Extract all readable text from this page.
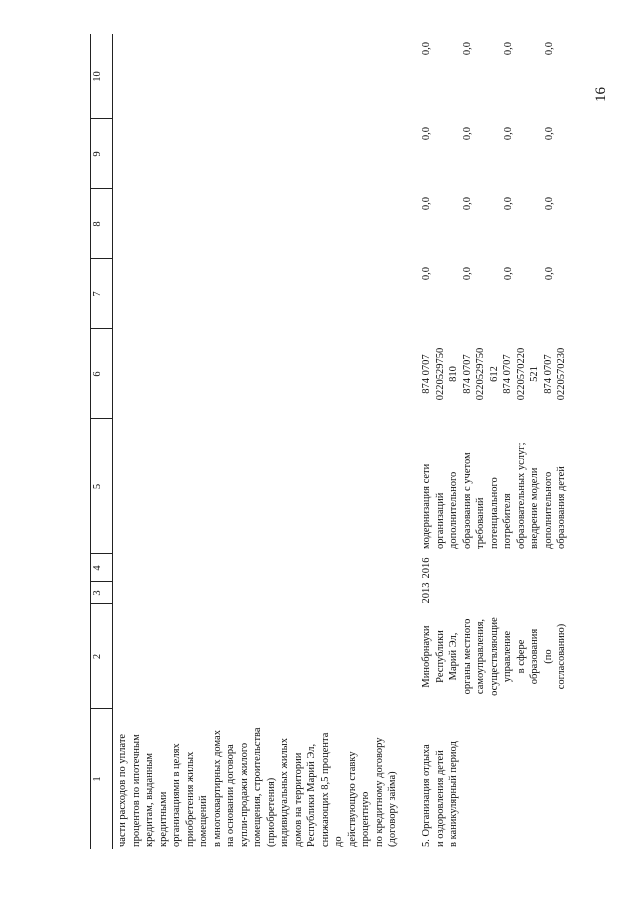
16
1
2
3
4
5
6
7
8
9
10
части расходов по уплате процентов по ипотечным кредитам, выданным кредитными организациями в целях приобретения жилых помещений в многоквартирных домах на основании договора купли-продажи жилого помещения, строительства (приобретения) индивидуальных жилых домов на территории Республики Марий Эл, снижающих 8,5 процента до действующую ставку процентную по кредитному договору (договору займа) 5. Организация отдыха и оздоровления детей в каникулярный период
Минобрнауки Республики Марий Эл, органы местного самоуправления, осуществляющие управление в сфере образования (по согласованию)
2013
2016
модернизация сети организаций дополнительного образования с учетом требований потенциального потребителя образовательных услуг; внедрение модели дополнительного образования детей
874 0707 0220529750 810 874 0707 0220529750 612 874 0707 0220570220 521 874 0707 0220570230
0,0
0,0
0,0
0,0
0,0
0,0
0,0
0,0
0,0
0,0
0,0
0,0
0,0
0,0
0,0
0,0
